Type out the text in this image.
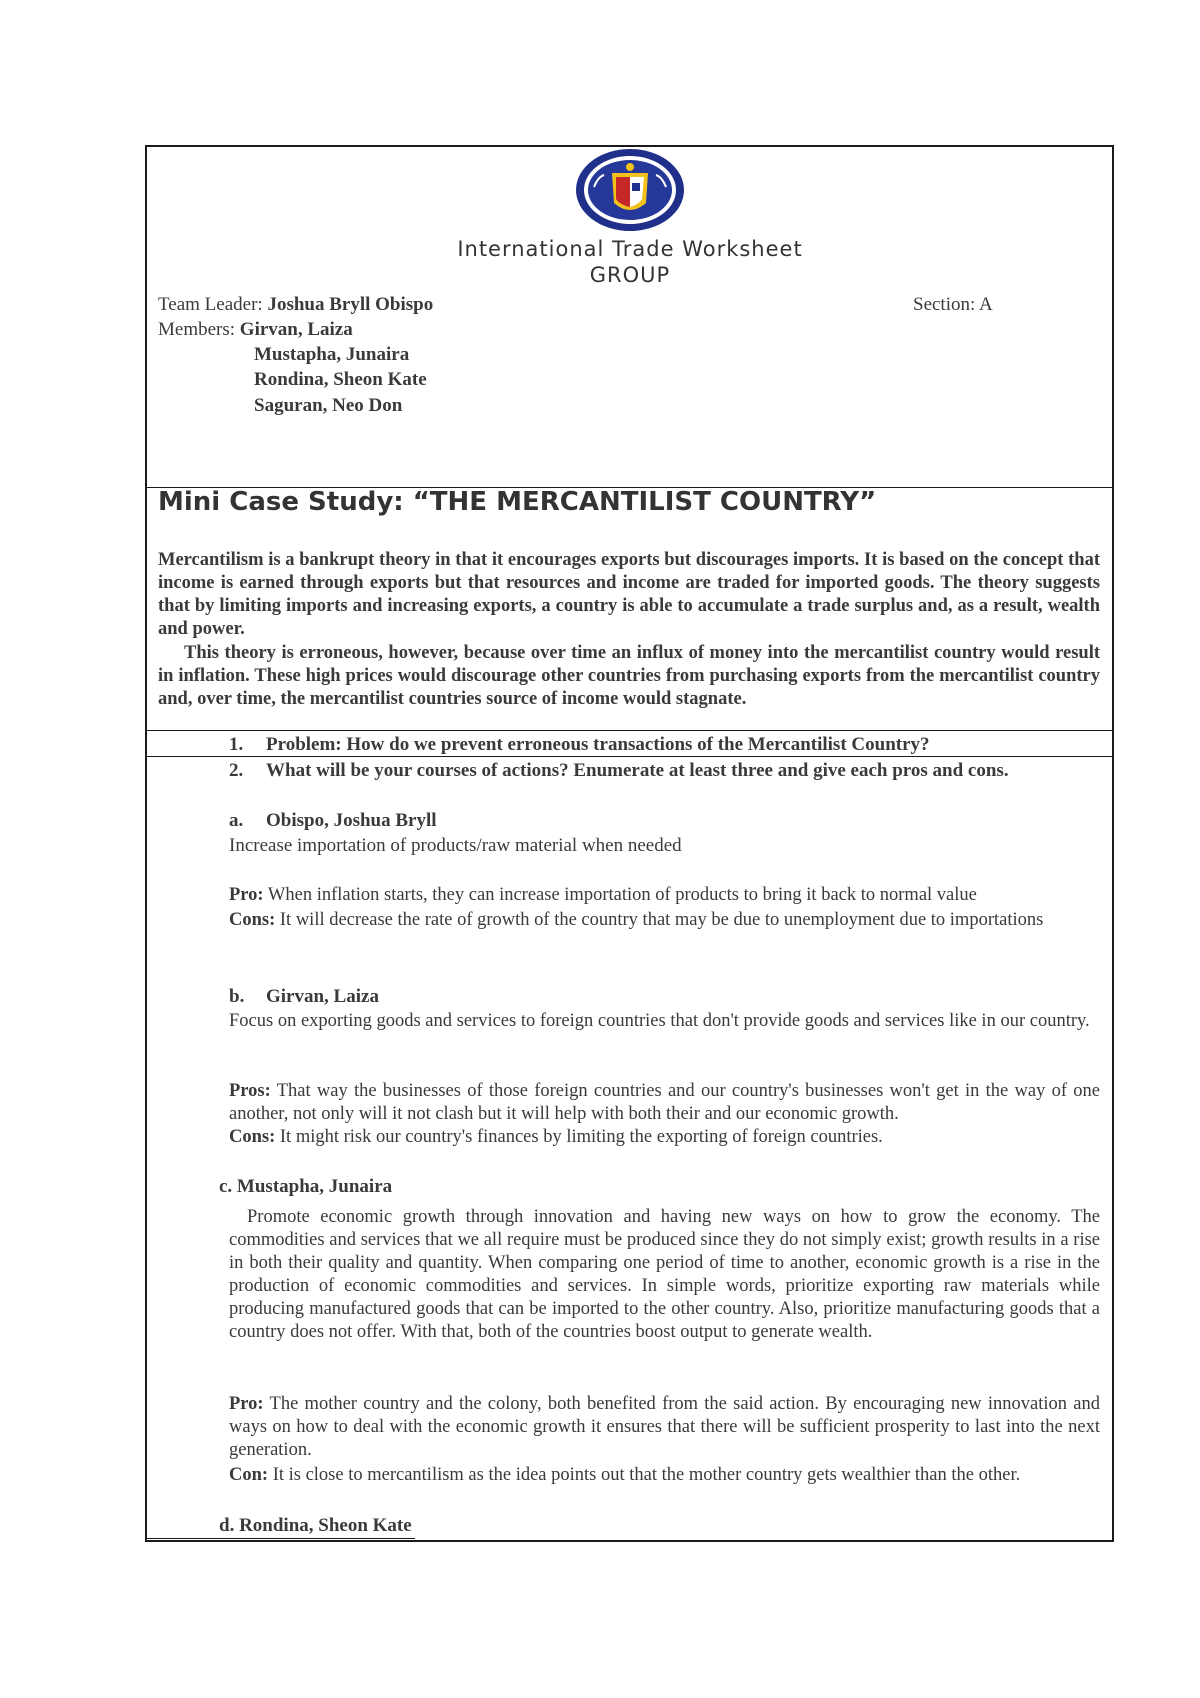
International Trade Worksheet
GROUP
Team Leader: Joshua Bryll Obispo	Section: A
Members: Girvan, Laiza
Mustapha, Junaira
Rondina, Sheon Kate
Saguran, Neo Don
Mini Case Study: “THE MERCANTILIST COUNTRY”
Mercantilism is a bankrupt theory in that it encourages exports but discourages imports. It is based on the concept that income is earned through exports but that resources and income are traded for imported goods. The theory suggests that by limiting imports and increasing exports, a country is able to accumulate a trade surplus and, as a result, wealth and power.
This theory is erroneous, however, because over time an influx of money into the mercantilist country would result in inflation. These high prices would discourage other countries from purchasing exports from the mercantilist country and, over time, the mercantilist countries source of income would stagnate.
1. Problem: How do we prevent erroneous transactions of the Mercantilist Country?
2. What will be your courses of actions? Enumerate at least three and give each pros and cons.
a. Obispo, Joshua Bryll
Increase importation of products/raw material when needed
Pro: When inflation starts, they can increase importation of products to bring it back to normal value
Cons: It will decrease the rate of growth of the country that may be due to unemployment due to importations
b. Girvan, Laiza
Focus on exporting goods and services to foreign countries that don't provide goods and services like in our country.
Pros: That way the businesses of those foreign countries and our country's businesses won't get in the way of one another, not only will it not clash but it will help with both their and our economic growth.
Cons: It might risk our country's finances by limiting the exporting of foreign countries.
c. Mustapha, Junaira
Promote economic growth through innovation and having new ways on how to grow the economy. The commodities and services that we all require must be produced since they do not simply exist; growth results in a rise in both their quality and quantity. When comparing one period of time to another, economic growth is a rise in the production of economic commodities and services. In simple words, prioritize exporting raw materials while producing manufactured goods that can be imported to the other country. Also, prioritize manufacturing goods that a country does not offer. With that, both of the countries boost output to generate wealth.
Pro: The mother country and the colony, both benefited from the said action. By encouraging new innovation and ways on how to deal with the economic growth it ensures that there will be sufficient prosperity to last into the next generation.
Con: It is close to mercantilism as the idea points out that the mother country gets wealthier than the other.
d. Rondina, Sheon Kate
